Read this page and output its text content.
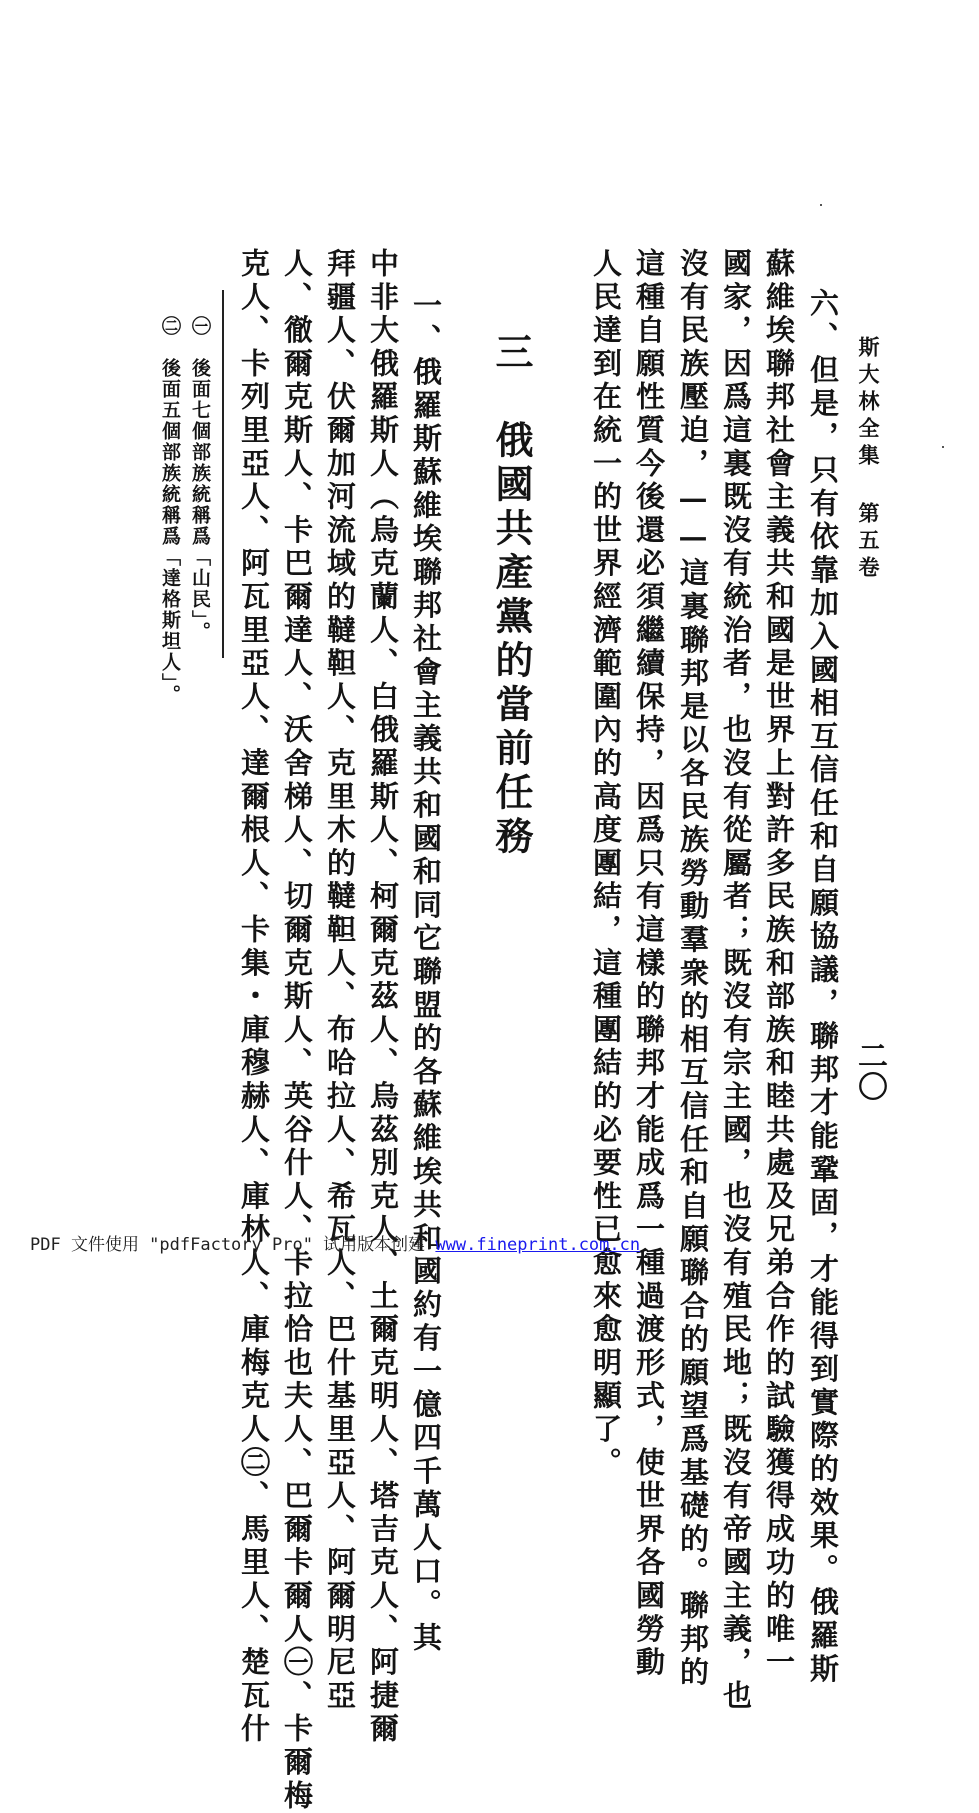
斯大林全集 第五卷
二〇
六、但是，只有依靠加入國相互信任和自願協議，聯邦才能鞏固，才能得到實際的效果。俄羅斯
蘇維埃聯邦社會主義共和國是世界上對許多民族和部族和睦共處及兄弟合作的試驗獲得成功的唯一
國家，因爲這裏既沒有統治者，也沒有從屬者；既沒有宗主國，也沒有殖民地；既沒有帝國主義，也
沒有民族壓迫，——這裏聯邦是以各民族勞動羣衆的相互信任和自願聯合的願望爲基礎的。聯邦的
這種自願性質今後還必須繼續保持，因爲只有這樣的聯邦才能成爲一種過渡形式，使世界各國勞動
人民達到在統一的世界經濟範圍內的高度團結，這種團結的必要性已愈來愈明顯了。
三　俄國共產黨的當前任務
一、俄羅斯蘇維埃聯邦社會主義共和國和同它聯盟的各蘇維埃共和國約有一億四千萬人口。其
中非大俄羅斯人（烏克蘭人、白俄羅斯人、柯爾克茲人、烏茲別克人、土爾克明人、塔吉克人、阿捷爾
拜疆人、伏爾加河流域的韃靼人、克里木的韃靼人、布哈拉人、希瓦人、巴什基里亞人、阿爾明尼亞
人、徹爾克斯人、卡巴爾達人、沃舍梯人、切爾克斯人、英谷什人、卡拉恰也夫人、巴爾卡爾人㊀、卡爾梅
克人、卡列里亞人、阿瓦里亞人、達爾根人、卡集・庫穆赫人、庫林人、庫梅克人㊁、馬里人、楚瓦什
㊀　後面七個部族統稱爲「山民」。
㊁　後面五個部族統稱爲「達格斯坦人」。
PDF 文件使用 "pdfFactory Pro" 试用版本创建 www.fineprint.com.cn
